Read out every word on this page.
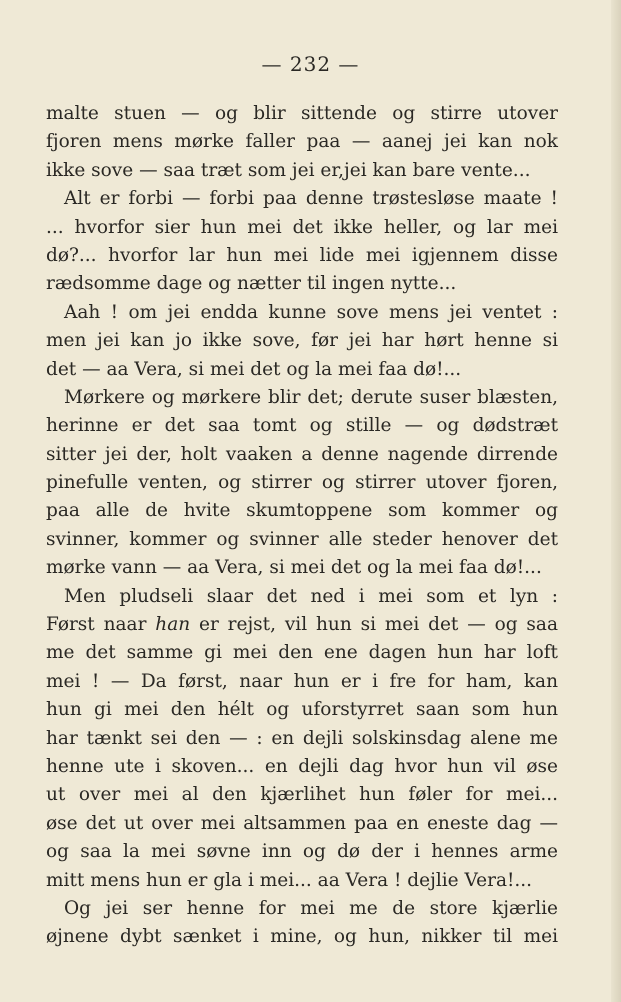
— 232 —
malte stuen — og blir sittende og stirre utover
fjoren mens mørke faller paa — aanej jei kan nok
ikke sove — saa træt som jei er,jei kan bare vente...
Alt er forbi — forbi paa denne trøstesløse maate !
... hvorfor sier hun mei det ikke heller, og lar mei
dø?... hvorfor lar hun mei lide mei igjennem disse
rædsomme dage og nætter til ingen nytte...
Aah ! om jei endda kunne sove mens jei ventet :
men jei kan jo ikke sove, før jei har hørt henne si
det — aa Vera, si mei det og la mei faa dø!...
Mørkere og mørkere blir det; derute suser blæsten,
herinne er det saa tomt og stille — og dødstræt
sitter jei der, holt vaaken a denne nagende dirrende
pinefulle venten, og stirrer og stirrer utover fjoren,
paa alle de hvite skumtoppene som kommer og
svinner, kommer og svinner alle steder henover det
mørke vann — aa Vera, si mei det og la mei faa dø!...
Men pludseli slaar det ned i mei som et lyn :
Først naar han er rejst, vil hun si mei det — og saa
me det samme gi mei den ene dagen hun har loft
mei ! — Da først, naar hun er i fre for ham, kan
hun gi mei den hélt og uforstyrret saan som hun
har tænkt sei den — : en dejli solskinsdag alene me
henne ute i skoven... en dejli dag hvor hun vil øse
ut over mei al den kjærlihet hun føler for mei...
øse det ut over mei altsammen paa en eneste dag —
og saa la mei søvne inn og dø der i hennes arme
mitt mens hun er gla i mei... aa Vera ! dejlie Vera!...
Og jei ser henne for mei me de store kjærlie
øjnene dybt sænket i mine, og hun, nikker til mei
